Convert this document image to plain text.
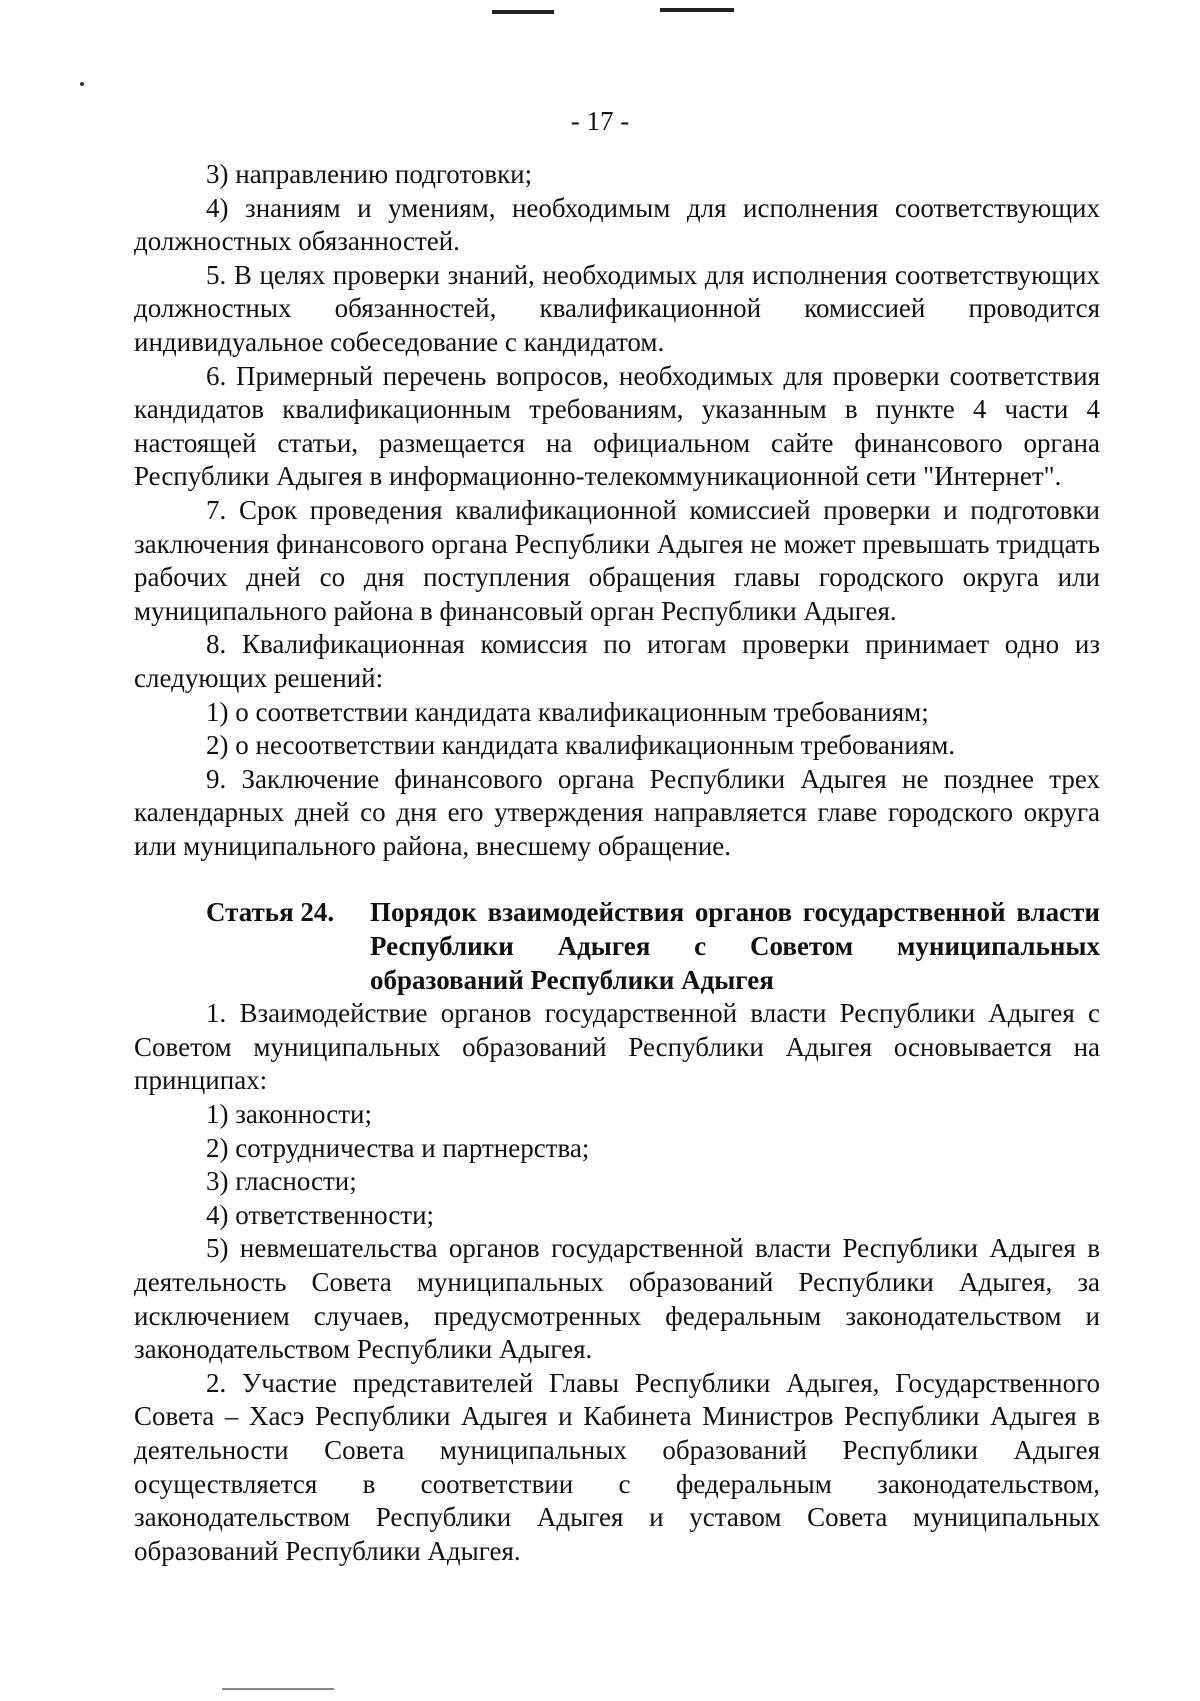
- 17 -

3) направлению подготовки;

4) знаниям и умениям, необходимым для исполнения соответствующих должностных обязанностей.

5. В целях проверки знаний, необходимых для исполнения соответствующих должностных обязанностей, квалификационной комиссией проводится индивидуальное собеседование с кандидатом.

6. Примерный перечень вопросов, необходимых для проверки соответствия кандидатов квалификационным требованиям, указанным в пункте 4 части 4 настоящей статьи, размещается на официальном сайте финансового органа Республики Адыгея в информационно-телекоммуникационной сети "Интернет".

7. Срок проведения квалификационной комиссией проверки и подготовки заключения финансового органа Республики Адыгея не может превышать тридцать рабочих дней со дня поступления обращения главы городского округа или муниципального района в финансовый орган Республики Адыгея.

8. Квалификационная комиссия по итогам проверки принимает одно из следующих решений:

1) о соответствии кандидата квалификационным требованиям;

2) о несоответствии кандидата квалификационным требованиям.

9. Заключение финансового органа Республики Адыгея не позднее трех календарных дней со дня его утверждения направляется главе городского округа или муниципального района, внесшему обращение.

Статья 24.	Порядок взаимодействия органов государственной власти Республики Адыгея с Советом муниципальных образований Республики Адыгея

1. Взаимодействие органов государственной власти Республики Адыгея с Советом муниципальных образований Республики Адыгея основывается на принципах:

1) законности;

2) сотрудничества и партнерства;

3) гласности;

4) ответственности;

5) невмешательства органов государственной власти Республики Адыгея в деятельность Совета муниципальных образований Республики Адыгея, за исключением случаев, предусмотренных федеральным законодательством и законодательством Республики Адыгея.

2. Участие представителей Главы Республики Адыгея, Государственного Совета – Хасэ Республики Адыгея и Кабинета Министров Республики Адыгея в деятельности Совета муниципальных образований Республики Адыгея осуществляется в соответствии с федеральным законодательством, законодательством Республики Адыгея и уставом Совета муниципальных образований Республики Адыгея.
